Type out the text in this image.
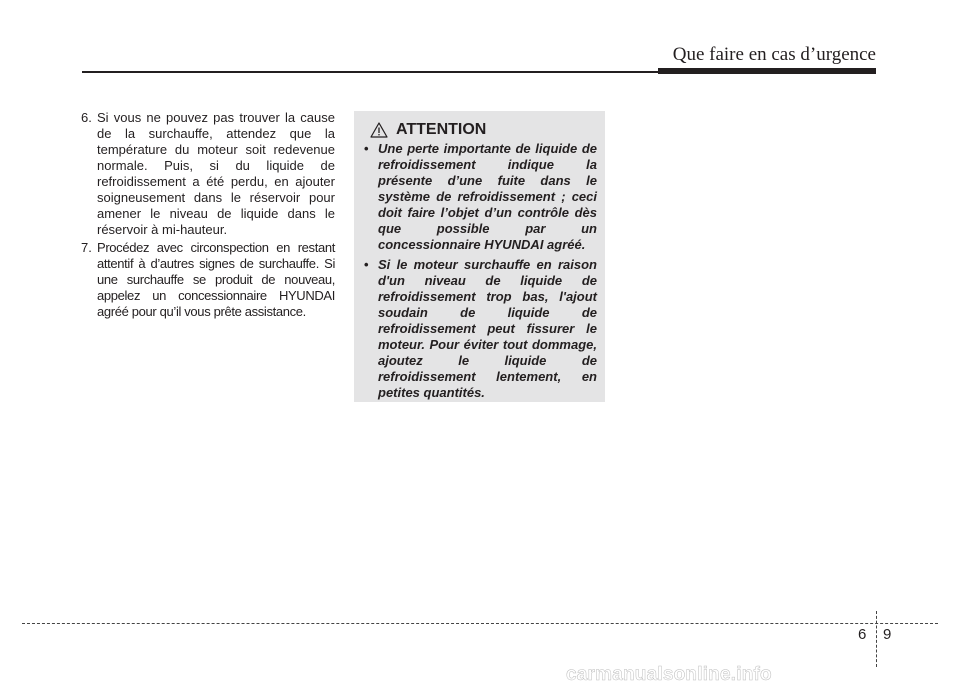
Que faire en cas d’urgence
6. Si vous ne pouvez pas trouver la cause de la surchauffe, attendez que la température du moteur soit redevenue normale. Puis, si du liquide de refroidissement a été perdu, en ajouter soigneusement dans le réservoir pour amener le niveau de liquide dans le réservoir à mi-hauteur.
7. Procédez avec circonspection en restant attentif à d’autres signes de surchauffe. Si une surchauffe se produit de nouveau, appelez un concessionnaire HYUNDAI agréé pour qu’il vous prête assistance.
ATTENTION
• Une perte importante de liquide de refroidissement indique la présente d’une fuite dans le système de refroidissement ; ceci doit faire l’objet d’un contrôle dès que possible par un concessionnaire HYUNDAI agréé.
• Si le moteur surchauffe en raison d'un niveau de liquide de refroidissement trop bas, l'ajout soudain de liquide de refroidissement peut fissurer le moteur. Pour éviter tout dommage, ajoutez le liquide de refroidissement lentement, en petites quantités.
6 9
carmanualsonline.info
